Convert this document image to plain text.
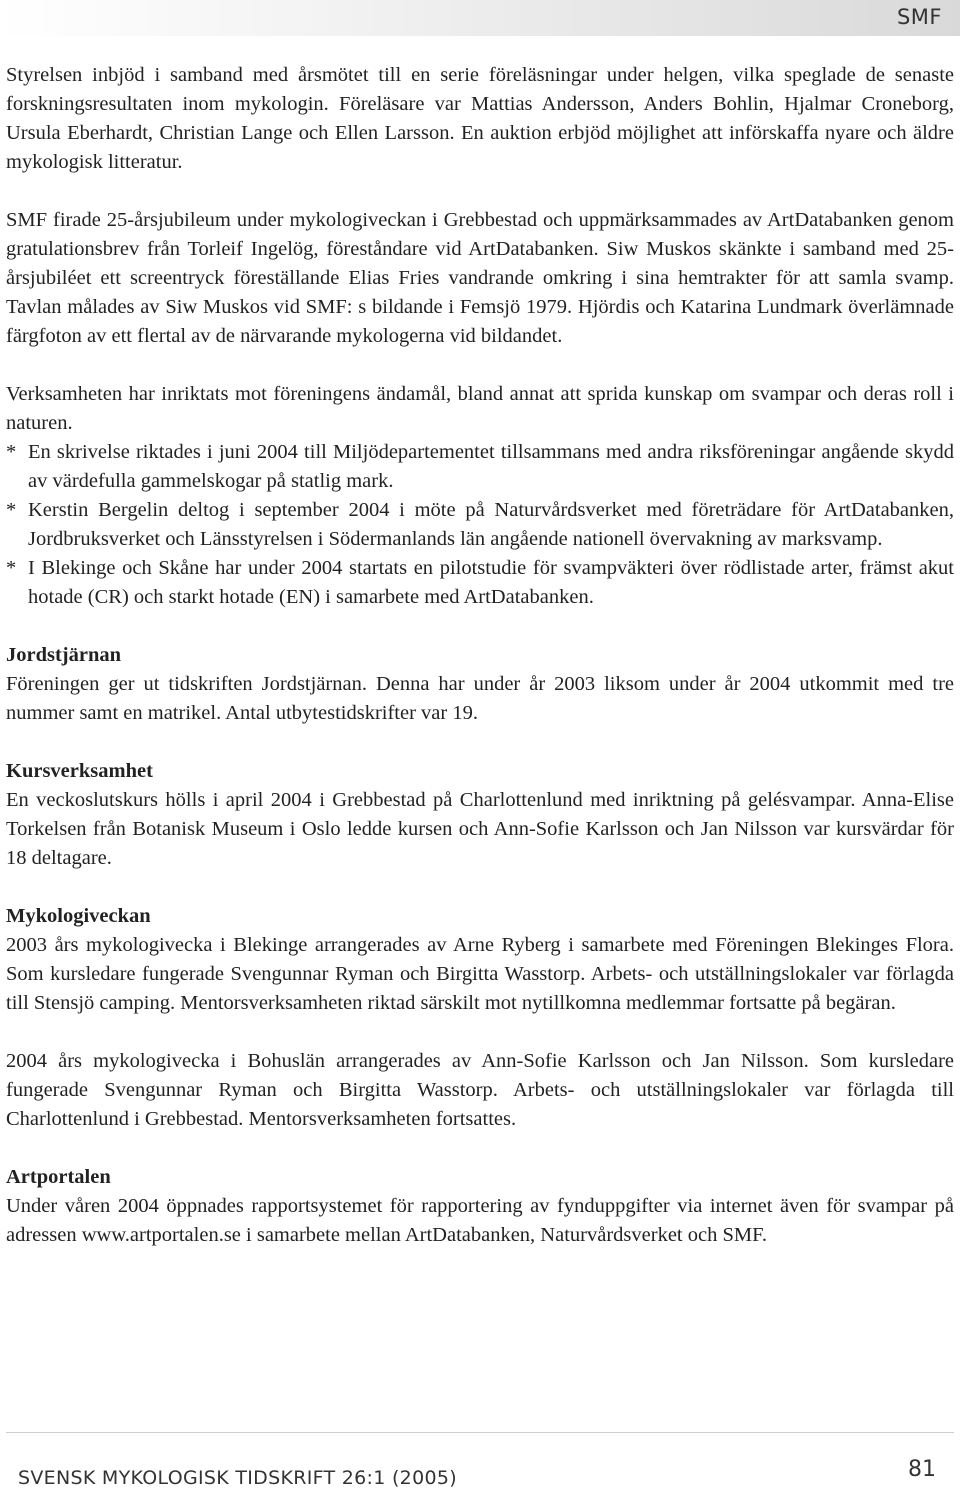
SMF

Styrelsen inbjöd i samband med årsmötet till en serie föreläsningar under helgen, vilka speglade de senaste forskningsresultaten inom mykologin. Föreläsare var Mattias Andersson, Anders Bohlin, Hjalmar Croneborg, Ursula Eberhardt, Christian Lange och Ellen Larsson. En auktion erbjöd möjlighet att införskaffa nyare och äldre mykologisk litteratur.

SMF firade 25-årsjubileum under mykologiveckan i Grebbestad och uppmärksammades av ArtDatabanken genom gratulationsbrev från Torleif Ingelög, föreståndare vid ArtDatabanken. Siw Muskos skänkte i samband med 25-årsjubiléet ett screentryck föreställande Elias Fries vandrande omkring i sina hemtrakter för att samla svamp. Tavlan målades av Siw Muskos vid SMF: s bildande i Femsjö 1979. Hjördis och Katarina Lundmark överlämnade färgfoton av ett flertal av de närvarande mykologerna vid bildandet.

Verksamheten har inriktats mot föreningens ändamål, bland annat att sprida kunskap om svampar och deras roll i naturen.

* En skrivelse riktades i juni 2004 till Miljödepartementet tillsammans med andra riksföreningar angående skydd av värdefulla gammelskogar på statlig mark.
* Kerstin Bergelin deltog i september 2004 i möte på Naturvårdsverket med företrädare för ArtDatabanken, Jordbruksverket och Länsstyrelsen i Södermanlands län angående nationell övervakning av marksvamp.
* I Blekinge och Skåne har under 2004 startats en pilotstudie för svampväkteri över rödlistade arter, främst akut hotade (CR) och starkt hotade (EN) i samarbete med ArtDatabanken.

Jordstjärnan

Föreningen ger ut tidskriften Jordstjärnan. Denna har under år 2003 liksom under år 2004 utkommit med tre nummer samt en matrikel. Antal utbytestidskrifter var 19.

Kursverksamhet

En veckoslutskurs hölls i april 2004 i Grebbestad på Charlottenlund med inriktning på gelésvampar. Anna-Elise Torkelsen från Botanisk Museum i Oslo ledde kursen och Ann-Sofie Karlsson och Jan Nilsson var kursvärdar för 18 deltagare.

Mykologiveckan

2003 års mykologivecka i Blekinge arrangerades av Arne Ryberg i samarbete med Föreningen Blekinges Flora. Som kursledare fungerade Svengunnar Ryman och Birgitta Wasstorp. Arbets- och utställningslokaler var förlagda till Stensjö camping. Mentorsverksamheten riktad särskilt mot nytillkomna medlemmar fortsatte på begäran.

2004 års mykologivecka i Bohuslän arrangerades av Ann-Sofie Karlsson och Jan Nilsson. Som kursledare fungerade Svengunnar Ryman och Birgitta Wasstorp. Arbets- och utställningslokaler var förlagda till Charlottenlund i Grebbestad. Mentorsverksamheten fortsattes.

Artportalen

Under våren 2004 öppnades rapportsystemet för rapportering av fynduppgifter via internet även för svampar på adressen www.artportalen.se i samarbete mellan ArtDatabanken, Naturvårdsverket och SMF.

SVENSK MYKOLOGISK TIDSKRIFT 26:1 (2005)	81
